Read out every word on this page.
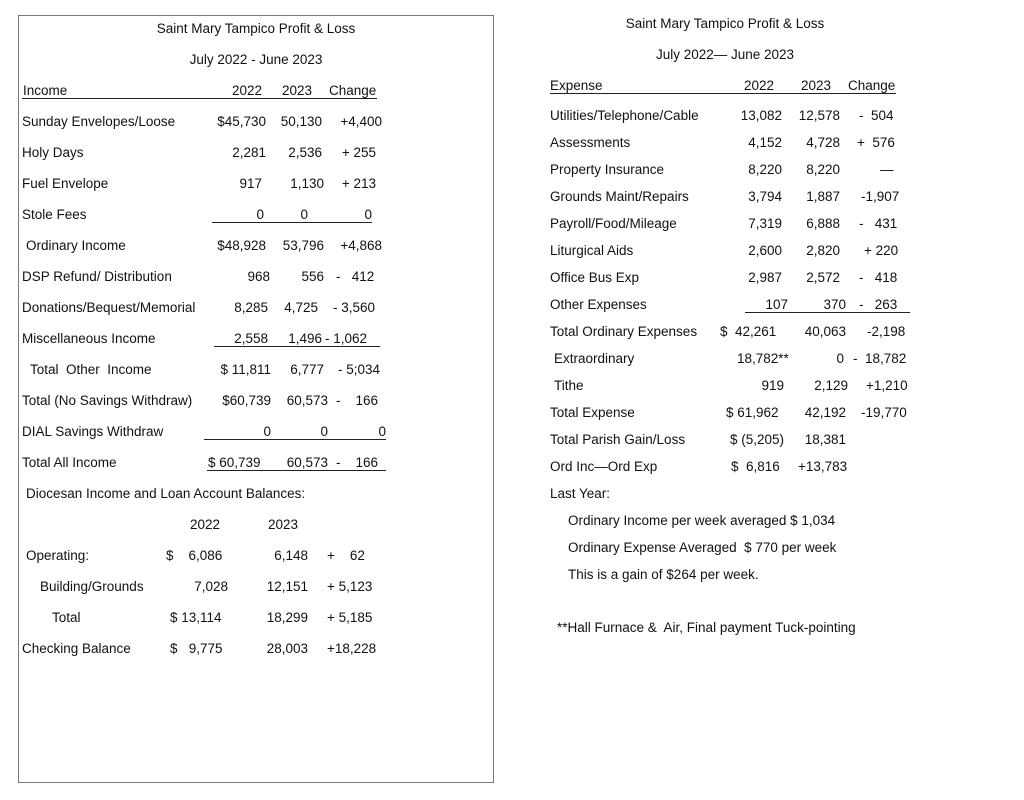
Saint Mary Tampico Profit & Loss
July 2022 - June 2023
Income	2022 2023 Change
Sunday Envelopes/Loose	$45,730	50,130	+4,400
Holy Days	2,281	2,536	+ 255
Fuel Envelope	917	1,130	+ 213
Stole Fees	0	0	0
Ordinary Income	$48,928	53,796	+4,868
DSP Refund/ Distribution	968	556 -   412
Donations/Bequest/Memorial	8,285	4,725 - 3,560
Miscellaneous Income	2,558	1,496 - 1,062
Total  Other  Income	$ 11,811	6,777 - 5;034
Total (No Savings Withdraw)	$60,739	60,573 -    166
DIAL Savings Withdraw	0	0	0
Total All Income	$ 60,739	60,573 -    166
Diocesan Income and Loan Account Balances:
2022	2023
Operating:	$    6,086	6,148 +    62
Building/Grounds	7,028	12,151 + 5,123
Total	$ 13,114	18,299 + 5,185
Checking Balance	$   9,775	28,003 +18,228
Saint Mary Tampico Profit & Loss
July 2022— June 2023
Expense	2022 2023 Change
Utilities/Telephone/Cable	13,082	12,578 -  504
Assessments	4,152	4,728 +  576
Property Insurance	8,220	8,220	—
Grounds Maint/Repairs	3,794	1,887 -1,907
Payroll/Food/Mileage	7,319	6,888 -   431
Liturgical Aids	2,600	2,820 + 220
Office Bus Exp	2,987	2,572 -   418
Other Expenses	107	370 -   263
Total Ordinary Expenses $  42,261	40,063 -2,198
Extraordinary	18,782**	0 -  18,782
Tithe	919	2,129 +1,210
Total Expense	$ 61,962	42,192 -19,770
Total Parish Gain/Loss	$ (5,205)	18,381
Ord Inc—Ord Exp	$  6,816 +13,783
Last Year:
Ordinary Income per week averaged $ 1,034
Ordinary Expense Averaged  $ 770 per week
This is a gain of $264 per week.
**Hall Furnace &  Air, Final payment Tuck-pointing
